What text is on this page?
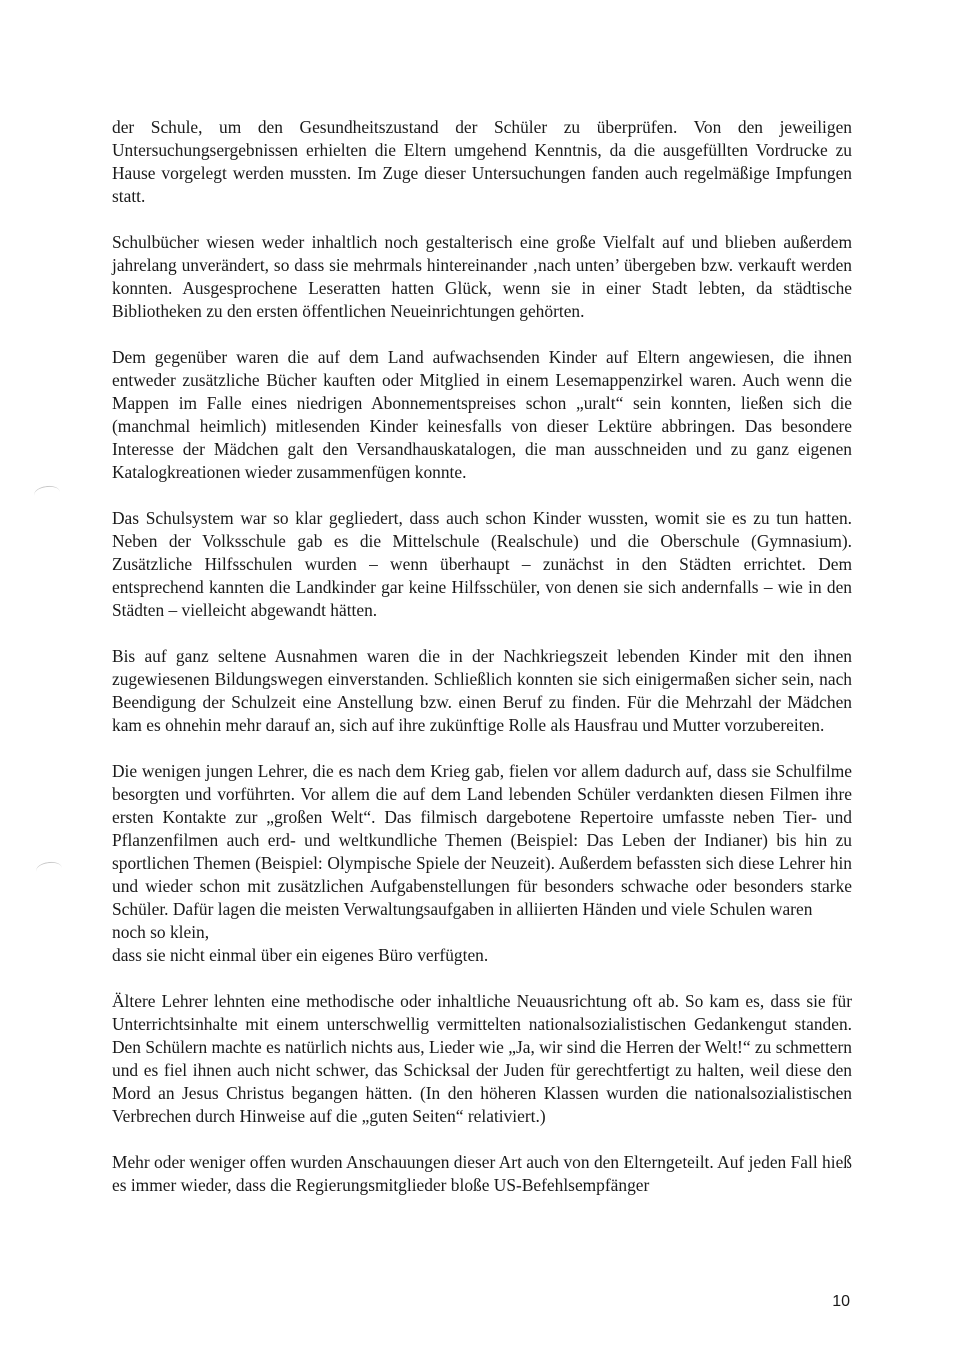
der Schule, um den Gesundheitszustand der Schüler zu überprüfen. Von den jeweiligen Untersuchungsergebnissen erhielten die Eltern umgehend Kenntnis, da die ausgefüllten Vordrucke zu Hause vorgelegt werden mussten. Im Zuge dieser Untersuchungen fanden auch regelmäßige Impfungen statt.

Schulbücher wiesen weder inhaltlich noch gestalterisch eine große Vielfalt auf und blieben außerdem jahrelang unverändert, so dass sie mehrmals hintereinander ‚nach unten’ übergeben bzw. verkauft werden konnten. Ausgesprochene Leseratten hatten Glück, wenn sie in einer Stadt lebten, da städtische Bibliotheken zu den ersten öffentlichen Neueinrichtungen gehörten.

Dem gegenüber waren die auf dem Land aufwachsenden Kinder auf Eltern angewiesen, die ihnen entweder zusätzliche Bücher kauften oder Mitglied in einem Lesemappenzirkel waren. Auch wenn die Mappen im Falle eines niedrigen Abonnementspreises schon „uralt“ sein konnten, ließen sich die (manchmal heimlich) mitlesenden Kinder keinesfalls von dieser Lektüre abbringen. Das besondere Interesse der Mädchen galt den Versandhauskatalogen, die man ausschneiden und zu ganz eigenen Katalogkreationen wieder zusammenfügen konnte.

Das Schulsystem war so klar gegliedert, dass auch schon Kinder wussten, womit sie es zu tun hatten. Neben der Volksschule gab es die Mittelschule (Realschule) und die Oberschule (Gymnasium). Zusätzliche Hilfsschulen wurden – wenn überhaupt – zunächst in den Städten errichtet. Dem entsprechend kannten die Landkinder gar keine Hilfsschüler, von denen sie sich andernfalls – wie in den Städten – vielleicht abgewandt hätten.

Bis auf ganz seltene Ausnahmen waren die in der Nachkriegszeit lebenden Kinder mit den ihnen zugewiesenen Bildungswegen einverstanden. Schließlich konnten sie sich einigermaßen sicher sein, nach Beendigung der Schulzeit eine Anstellung bzw. einen Beruf zu finden. Für die Mehrzahl der Mädchen kam es ohnehin mehr darauf an, sich auf ihre zukünftige Rolle als Hausfrau und Mutter vorzubereiten.

Die wenigen jungen Lehrer, die es nach dem Krieg gab, fielen vor allem dadurch auf, dass sie Schulfilme besorgten und vorführten. Vor allem die auf dem Land lebenden Schüler verdankten diesen Filmen ihre ersten Kontakte zur „großen Welt“. Das filmisch dargebotene Repertoire umfasste neben Tier- und Pflanzenfilmen auch erd- und weltkundliche Themen (Beispiel: Das Leben der Indianer) bis hin zu sportlichen Themen (Beispiel: Olympische Spiele der Neuzeit). Außerdem befassten sich diese Lehrer hin und wieder schon mit zusätzlichen Aufgabenstellungen für besonders schwache oder besonders starke Schüler. Dafür lagen die meisten Verwaltungsaufgaben in alliierten Händen und viele Schulen waren
noch so klein,
dass sie nicht einmal über ein eigenes Büro verfügten.

Ältere Lehrer lehnten eine methodische oder inhaltliche Neuausrichtung oft ab. So kam es, dass sie für Unterrichtsinhalte mit einem unterschwellig vermittelten nationalsozialistischen Gedankengut standen. Den Schülern machte es natürlich nichts aus, Lieder wie „Ja, wir sind die Herren der Welt!“ zu schmettern und es fiel ihnen auch nicht schwer, das Schicksal der Juden für gerechtfertigt zu halten, weil diese den Mord an Jesus Christus begangen hätten. (In den höheren Klassen wurden die nationalsozialistischen Verbrechen durch Hinweise auf die „guten Seiten“ relativiert.)

Mehr oder weniger offen wurden Anschauungen dieser Art auch von den Elterngeteilt. Auf jeden Fall hieß es immer wieder, dass die Regierungsmitglieder bloße US-Befehlsempfänger

10
